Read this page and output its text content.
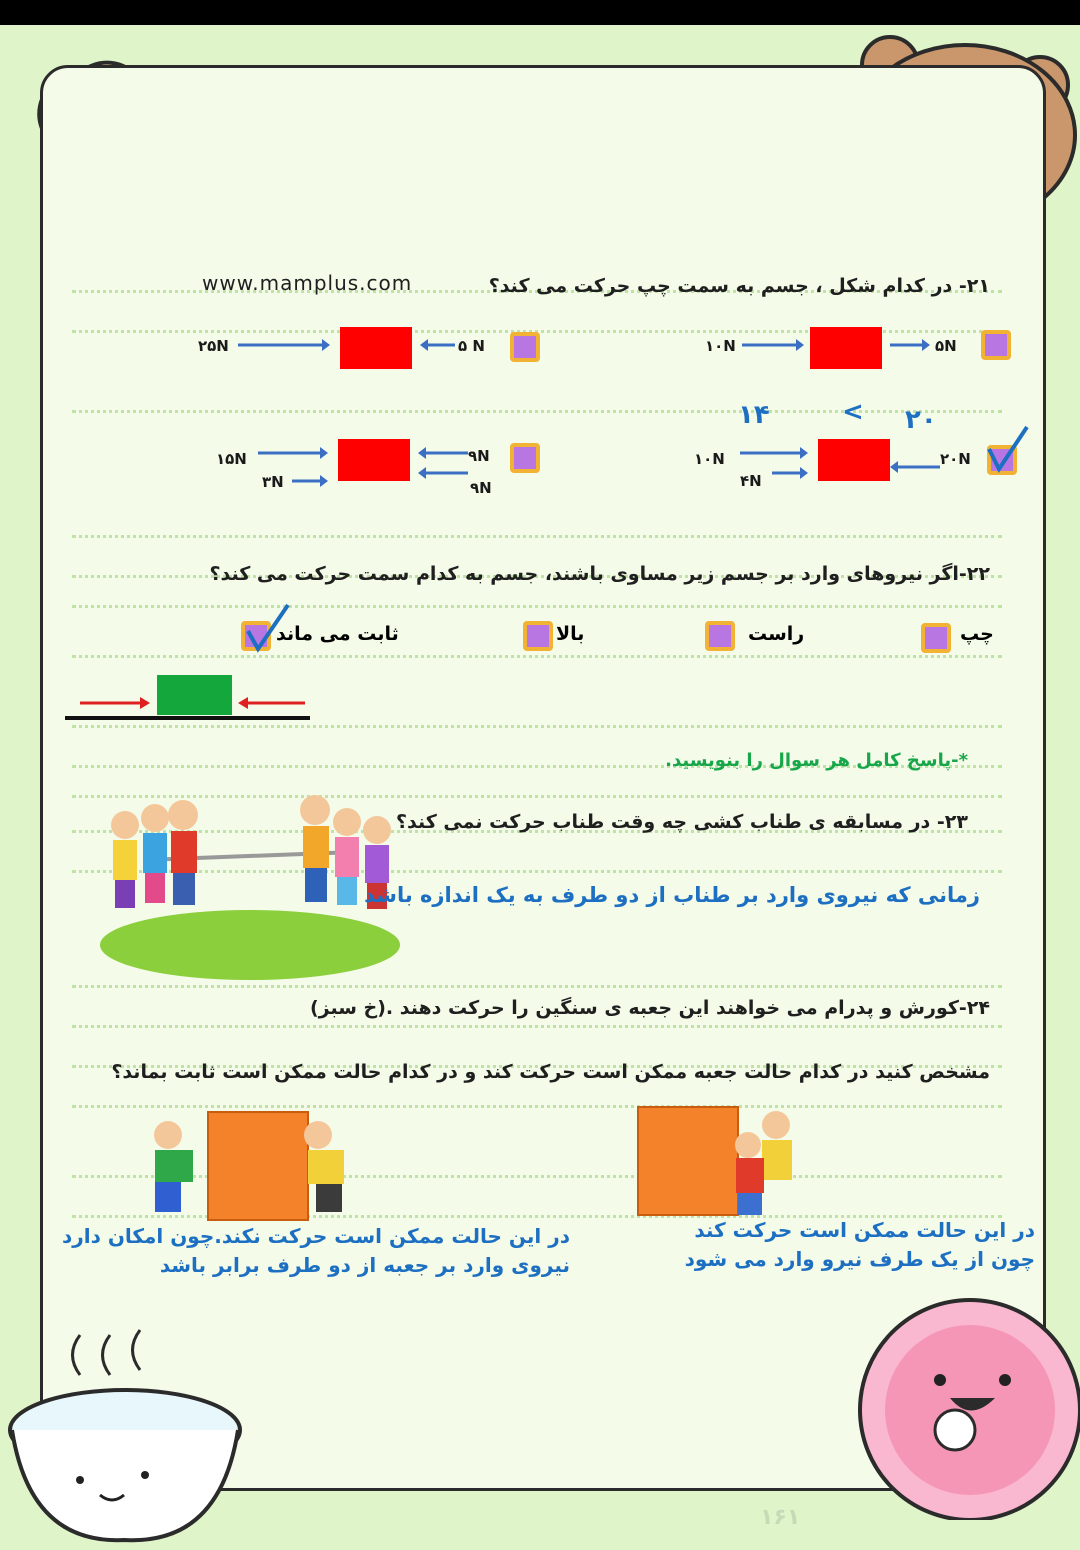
۲۱- در کدام شکل ، جسم به سمت چپ حرکت می کند؟
www.mamplus.com
۱۰N	۵N
۲۵N	۵ N
۱۴	< ۲۰
۱۰N
۴N
۲۰N
۱۵N
۳N
۹N
۹N
۲۲-اگر نیروهای وارد بر جسم زیر مساوی باشند، جسم به کدام سمت حرکت می کند؟
چپ
راست
بالا
ثابت می ماند
*-پاسخ کامل هر سوال را بنویسید.
۲۳- در مسابقه ی طناب کشی چه وقت طناب حرکت نمی کند؟
زمانی که نیروی وارد بر طناب از دو طرف به یک اندازه باشد
۲۴-کورش و پدرام می خواهند این جعبه ی سنگین را حرکت دهند .(خ سبز)
مشخص کنید در کدام حالت جعبه ممکن است حرکت کند و در کدام حالت ممکن است ثابت بماند؟
در این حالت ممکن است حرکت کند
چون از یک طرف نیرو وارد می شود
در این حالت ممکن است حرکت نکند.چون امکان دارد
نیروی وارد بر جعبه از دو طرف برابر باشد
۱۶۱
